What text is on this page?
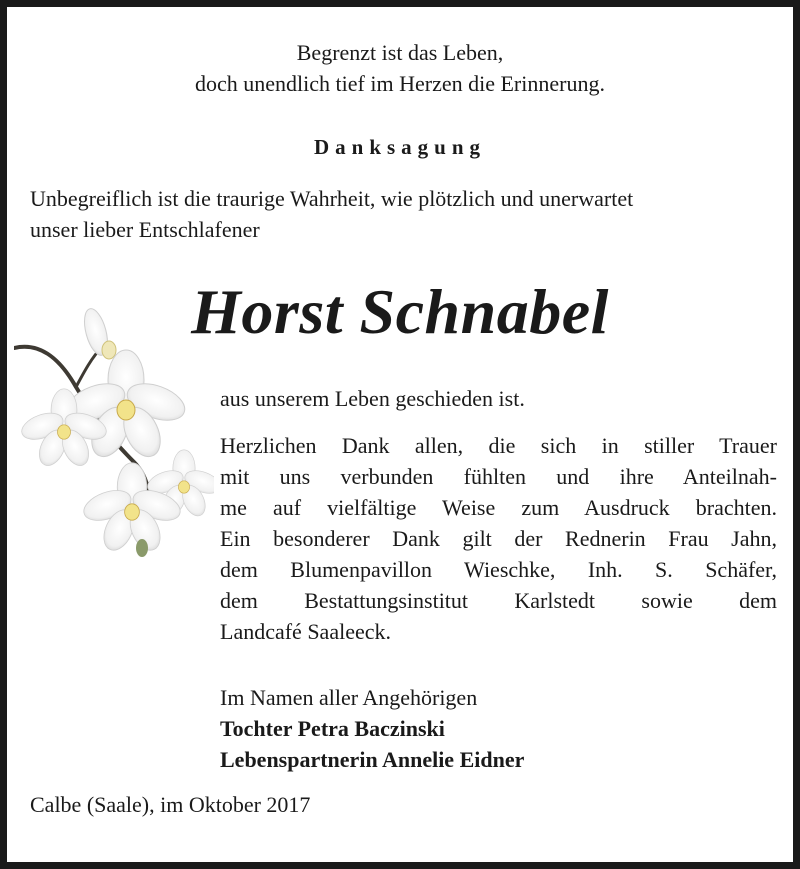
Begrenzt ist das Leben,
doch unendlich tief im Herzen die Erinnerung.
Danksagung
Unbegreiflich ist die traurige Wahrheit, wie plötzlich und unerwartet
unser lieber Entschlafener
Horst Schnabel
aus unserem Leben geschieden ist.
Herzlichen Dank allen, die sich in stiller Trauer
mit uns verbunden fühlten und ihre Anteilnah-
me auf vielfältige Weise zum Ausdruck brachten.
Ein besonderer Dank gilt der Rednerin Frau Jahn,
dem Blumenpavillon Wieschke, Inh. S. Schäfer,
dem Bestattungsinstitut Karlstedt sowie dem
Landcafé Saaleeck.
Im Namen aller Angehörigen
Tochter Petra Baczinski
Lebenspartnerin Annelie Eidner
Calbe (Saale), im Oktober 2017
